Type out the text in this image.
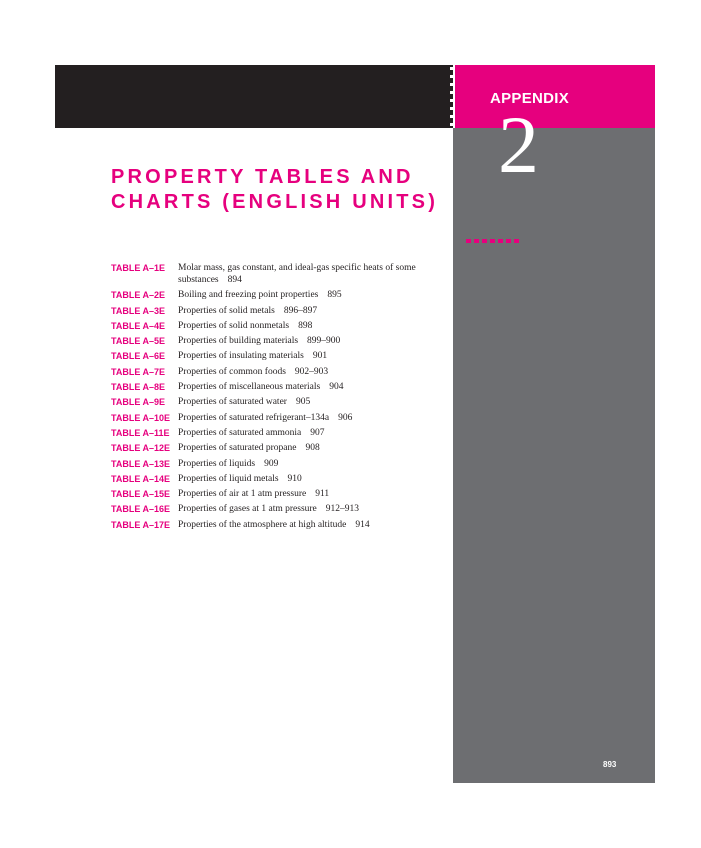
APPENDIX
2
PROPERTY TABLES AND
CHARTS (ENGLISH UNITS)
TABLE A–1E	Molar mass, gas constant, and ideal-gas specific heats of some substances 894
TABLE A–2E	Boiling and freezing point properties 895
TABLE A–3E	Properties of solid metals 896–897
TABLE A–4E	Properties of solid nonmetals 898
TABLE A–5E	Properties of building materials 899–900
TABLE A–6E	Properties of insulating materials 901
TABLE A–7E	Properties of common foods 902–903
TABLE A–8E	Properties of miscellaneous materials 904
TABLE A–9E	Properties of saturated water 905
TABLE A–10E Properties of saturated refrigerant–134a 906
TABLE A–11E Properties of saturated ammonia 907
TABLE A–12E Properties of saturated propane 908
TABLE A–13E Properties of liquids 909
TABLE A–14E Properties of liquid metals 910
TABLE A–15E Properties of air at 1 atm pressure 911
TABLE A–16E Properties of gases at 1 atm pressure 912–913
TABLE A–17E Properties of the atmosphere at high altitude 914
893
